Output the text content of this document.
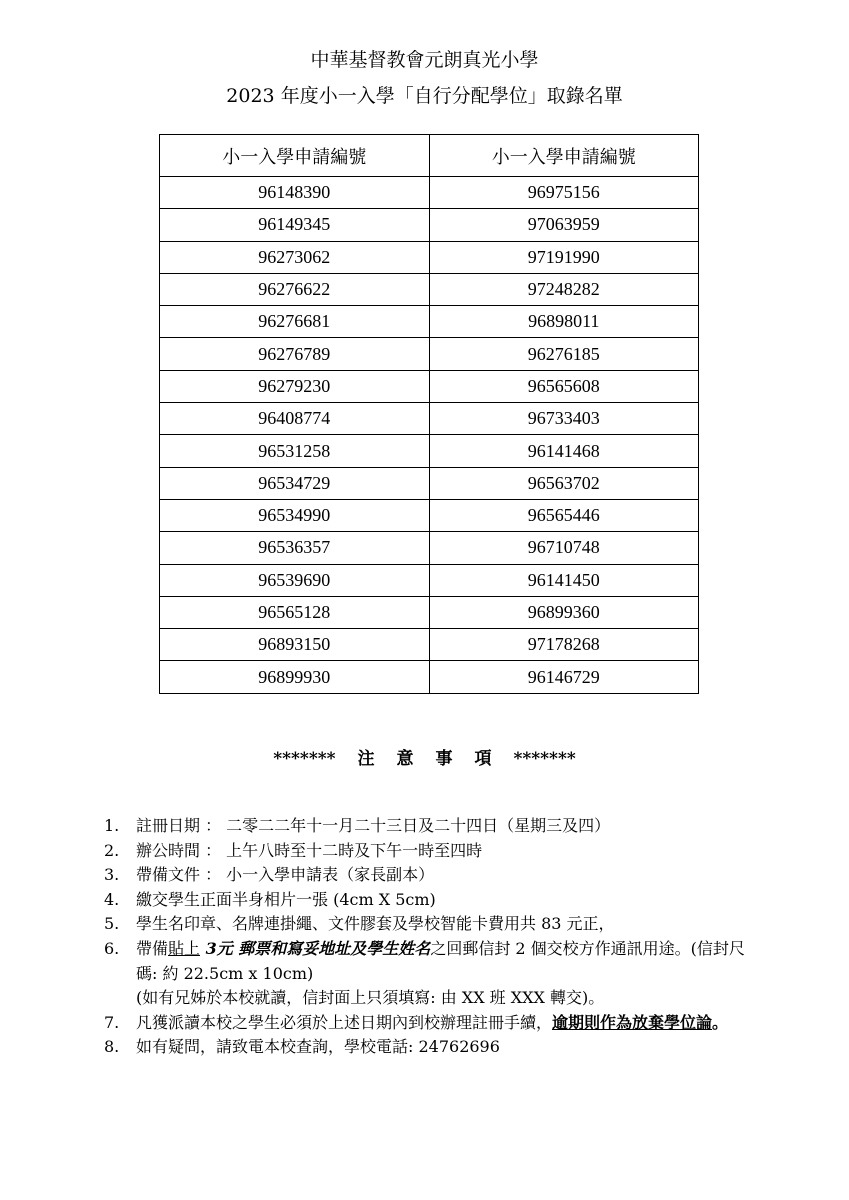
中華基督教會元朗真光小學
2023 年度小一入學「自行分配學位」取錄名單
小一入學申請編號	小一入學申請編號
96148390	96975156
96149345	97063959
96273062	97191990
96276622	97248282
96276681	96898011
96276789	96276185
96279230	96565608
96408774	96733403
96531258	96141468
96534729	96563702
96534990	96565446
96536357	96710748
96539690	96141450
96565128	96899360
96893150	97178268
96899930	96146729
******* 注 意 事 項 *******
1.	註冊日期 ： 二零二二年十一月二十三日及二十四日（星期三及四）
2.	辦公時間 ： 上午八時至十二時及下午一時至四時
3.	帶備文件 ： 小一入學申請表（家長副本）
4.	繳交學生正面半身相片一張 (4cm X 5cm)
5.	學生名印章、名牌連掛繩、文件膠套及學校智能卡費用共 83 元正，
6.	帶備貼上 3元 郵票和寫妥地址及學生姓名之回郵信封 2 個交校方作通訊用途。(信封尺碼: 約 22.5cm x 10cm)
(如有兄姊於本校就讀，信封面上只須填寫: 由 XX 班 XXX 轉交)。
7.	凡獲派讀本校之學生必須於上述日期內到校辦理註冊手續，逾期則作為放棄學位論。
8.	如有疑問，請致電本校查詢，學校電話: 24762696
